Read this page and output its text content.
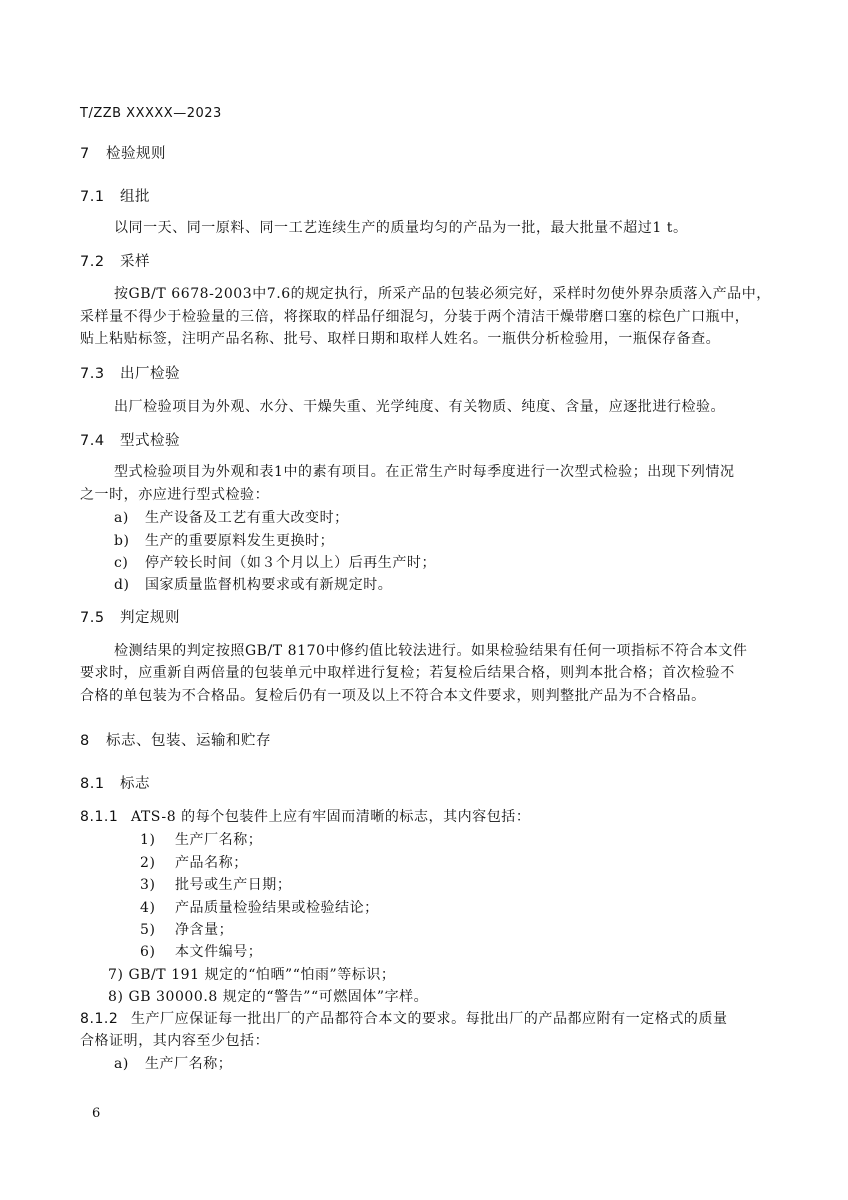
T/ZZB XXXXX—2023
7 检验规则
7.1 组批
以同一天、同一原料、同一工艺连续生产的质量均匀的产品为一批，最大批量不超过1 t。
7.2 采样
按GB/T 6678-2003中7.6的规定执行，所采产品的包装必须完好，采样时勿使外界杂质落入产品中，
采样量不得少于检验量的三倍，将探取的样品仔细混匀，分装于两个清洁干燥带磨口塞的棕色广口瓶中，
贴上粘贴标签，注明产品名称、批号、取样日期和取样人姓名。一瓶供分析检验用，一瓶保存备查。
7.3 出厂检验
出厂检验项目为外观、水分、干燥失重、光学纯度、有关物质、纯度、含量，应逐批进行检验。
7.4 型式检验
型式检验项目为外观和表1中的素有项目。在正常生产时每季度进行一次型式检验；出现下列情况
之一时，亦应进行型式检验：
a) 生产设备及工艺有重大改变时；
b) 生产的重要原料发生更换时；
c) 停产较长时间（如３个月以上）后再生产时；
d) 国家质量监督机构要求或有新规定时。
7.5 判定规则
检测结果的判定按照GB/T 8170中修约值比较法进行。如果检验结果有任何一项指标不符合本文件
要求时，应重新自两倍量的包装单元中取样进行复检；若复检后结果合格，则判本批合格；首次检验不
合格的单包装为不合格品。复检后仍有一项及以上不符合本文件要求，则判整批产品为不合格品。
8 标志、包装、运输和贮存
8.1 标志
8.1.1 ATS-8 的每个包装件上应有牢固而清晰的标志，其内容包括：
1) 生产厂名称；
2) 产品名称；
3) 批号或生产日期；
4) 产品质量检验结果或检验结论；
5) 净含量；
6) 本文件编号；
7) GB/T 191 规定的“怕晒”“怕雨”等标识；
8) GB 30000.8 规定的“警告”“可燃固体”字样。
8.1.2 生产厂应保证每一批出厂的产品都符合本文的要求。每批出厂的产品都应附有一定格式的质量
合格证明，其内容至少包括：
a) 生产厂名称；
6
